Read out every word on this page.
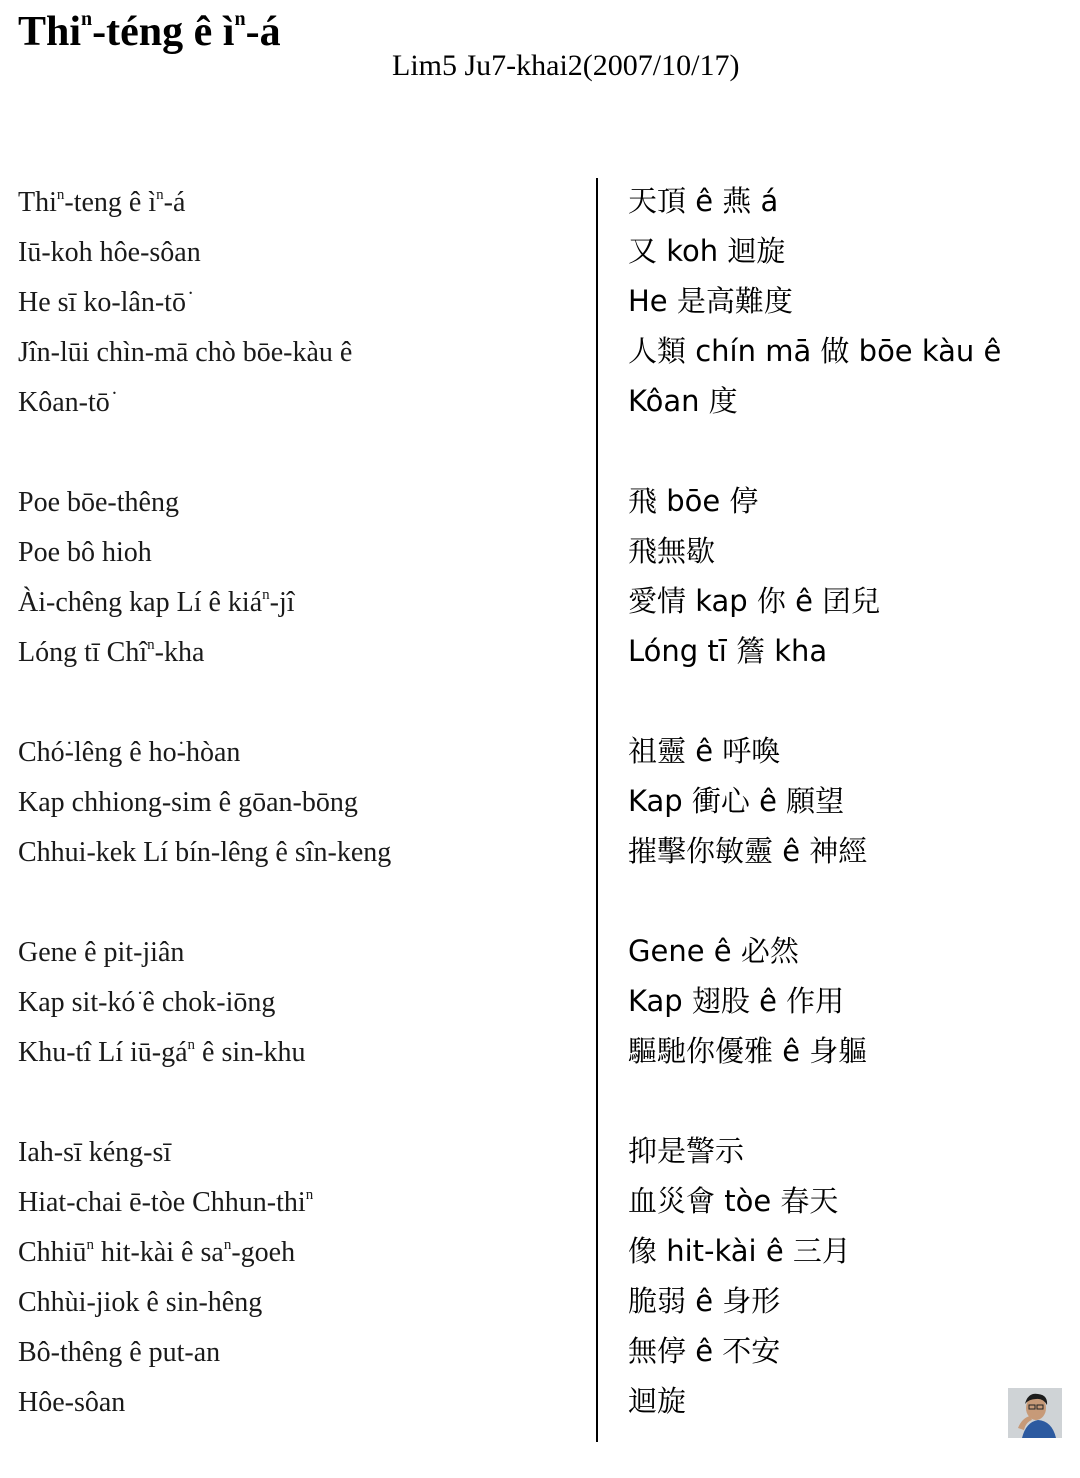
Thi$^n$-téng ê $ì^n-á$
Lim5 Ju7-khai2(2007/10/17)
Thi$^n$-teng ê $ì^n-á$
Iū-koh hôe-sôan
He sī ko-lân-tō͘
Jîn-lūi chìn-mā chò bōe-kàu ê
Kôan-tō͘
Poe bōe-thêng
Poe bô hioh
Ài-chêng kap Lí ê kiá$^n$-jî
Lóng tī Chî$^n$-kha
Chó͘-lêng ê ho͘-hòan
Kap chhiong-sim ê gōan-bōng
Chhui-kek Lí bín-lêng ê sîn-keng
Gene ê pit-jiân
Kap sit-kó͘ ê chok-iōng
Khu-tî Lí $iū-gá^n$ ê sin-khu
Iah-sī kéng-sī
Hiat-chai ē-tòe Chhun-thi$^n$
Chhiū$^n$ hit-kài ê $sa^n$-goeh
Chhùi-jiok ê sin-hêng
Bô-thêng ê put-an
Hôe-sôan
天頂 ê 燕 á
又 koh 迴旋
He 是高難度
人類 chín mā 做 bōe kàu ê
Kôan 度
飛 bōe 停
飛無歇
愛情 kap 你 ê 囝兒
Lóng tī 簷 kha
祖靈 ê 呼喚
Kap 衝心 ê 願望
摧擊你敏靈 ê 神經
Gene ê 必然
Kap 翅股 ê 作用
驅馳你優雅 ê 身軀
抑是警示
血災會 tòe 春天
像 hit-kài ê 三月
脆弱 ê 身形
無停 ê 不安
迴旋
